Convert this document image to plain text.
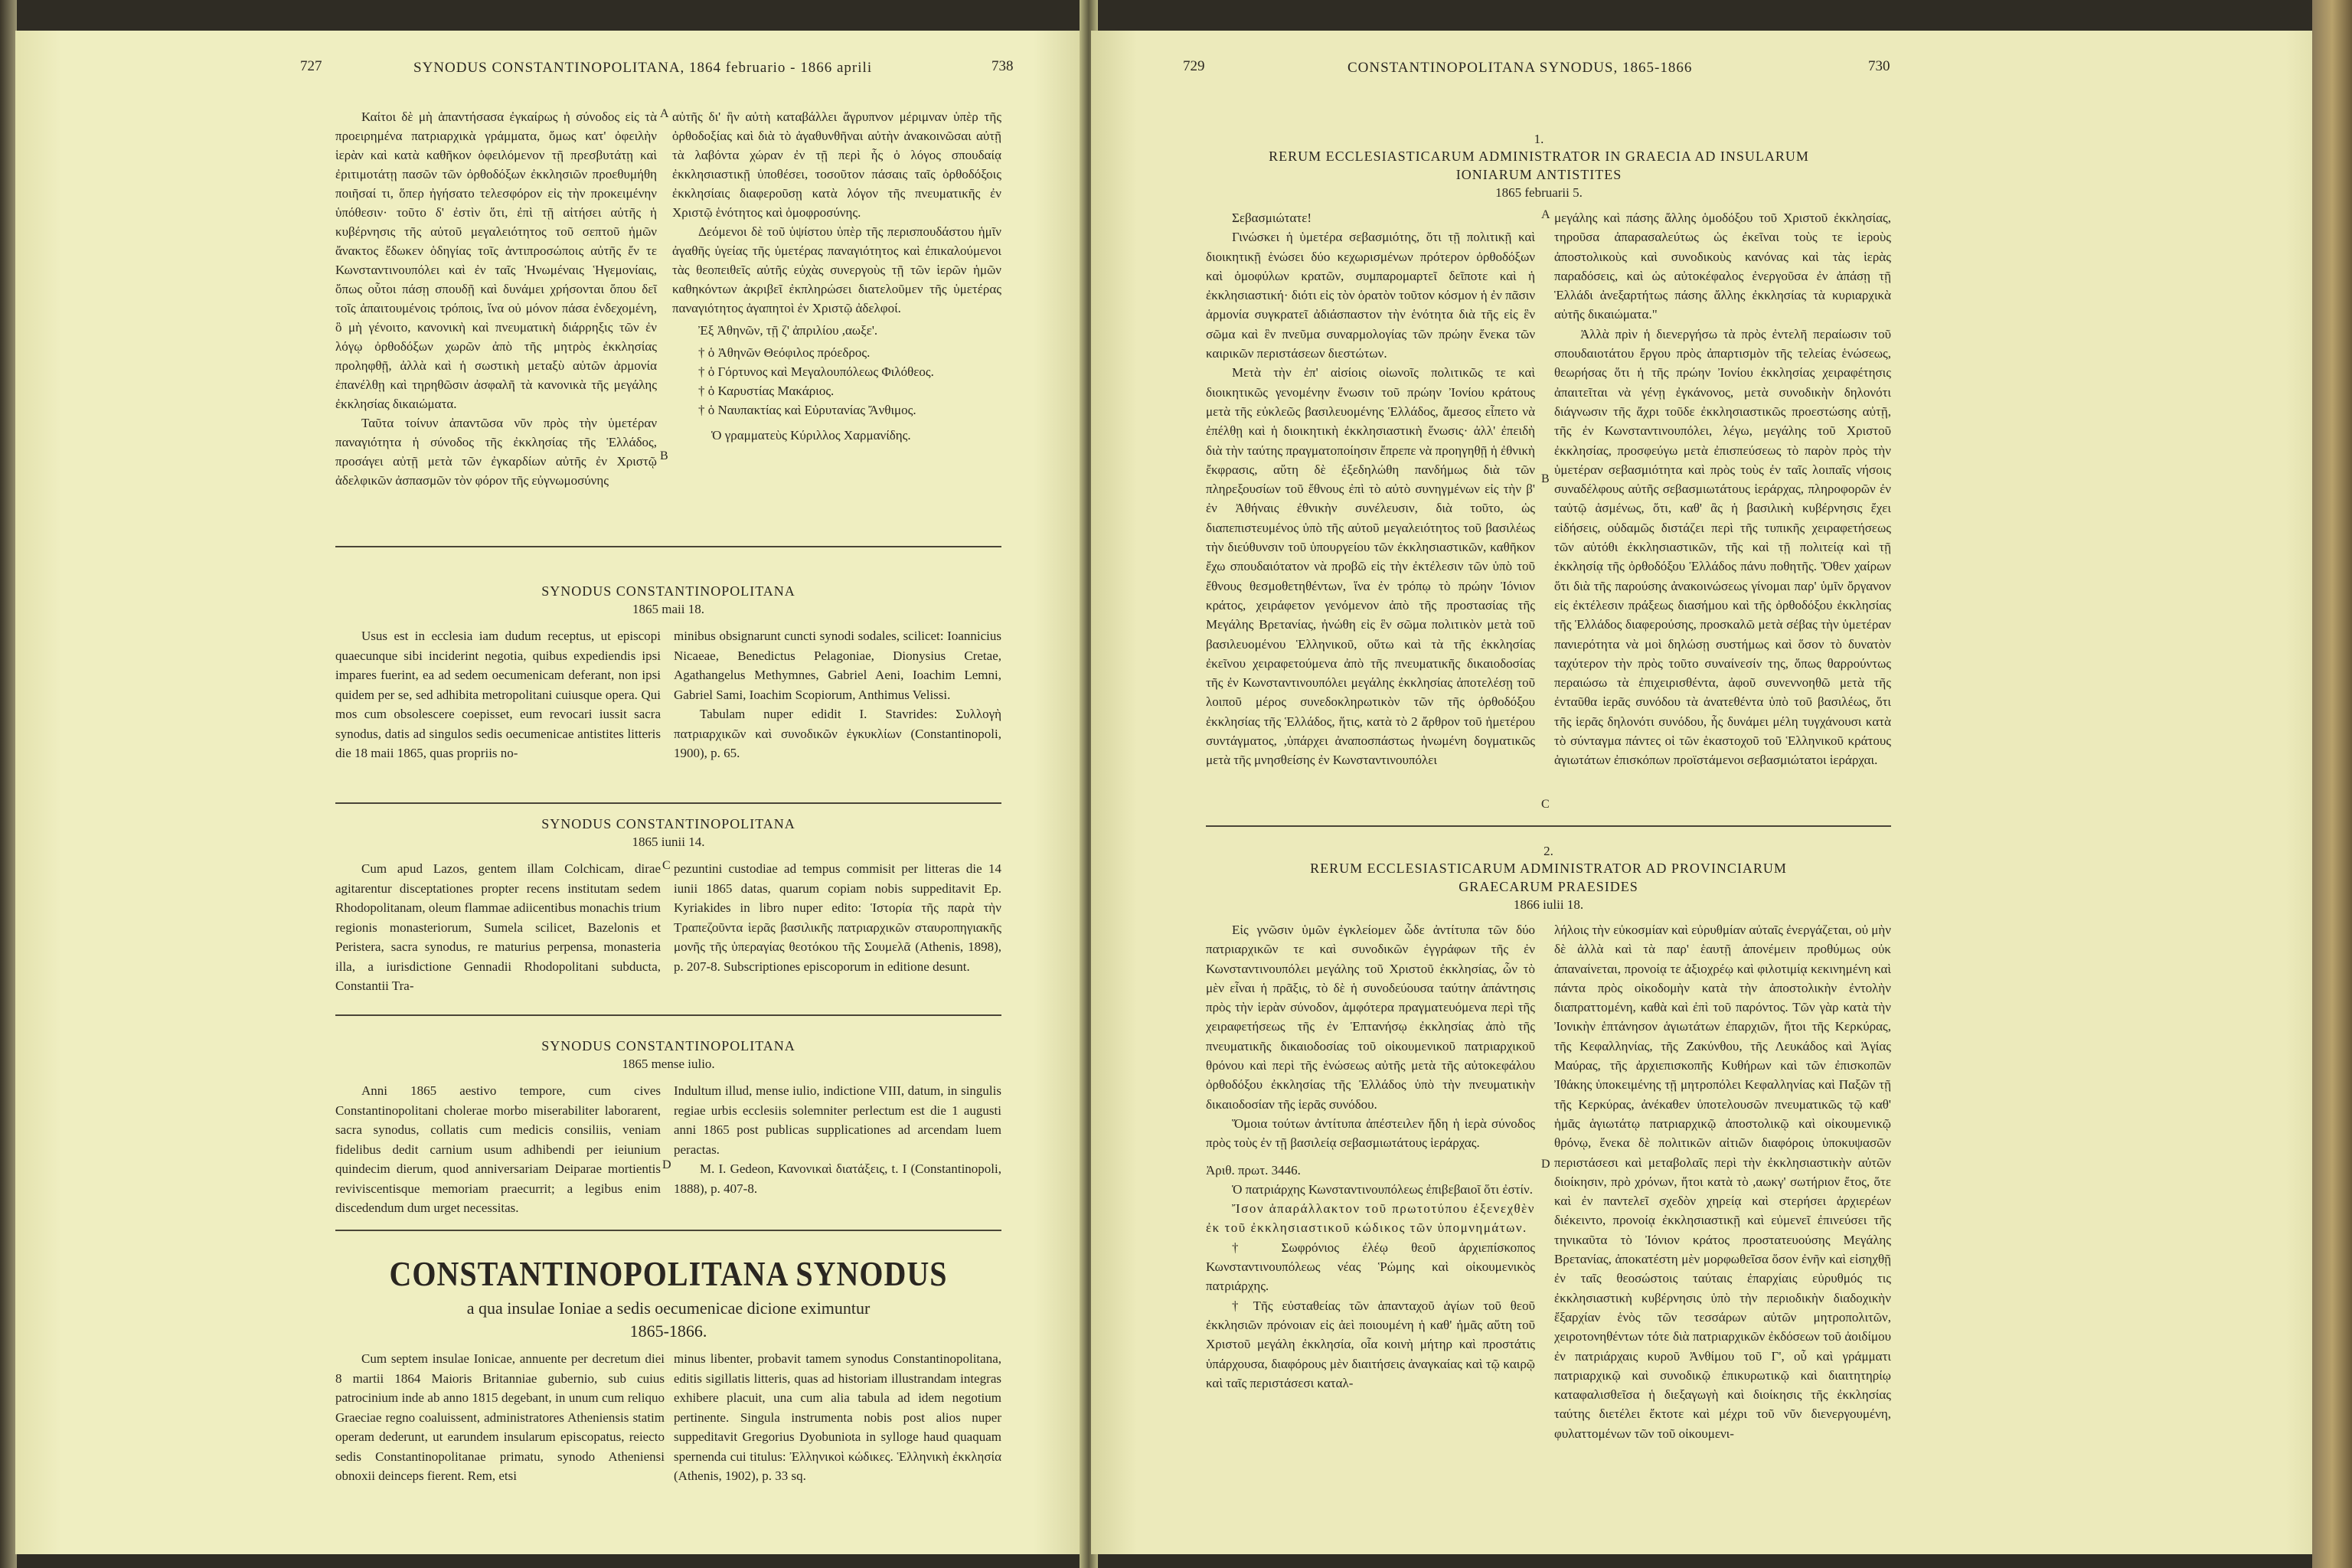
727	SYNODUS CONSTANTINOPOLITANA, 1864 februario - 1866 aprili	738

Καίτοι δὲ μὴ ἀπαντήσασα ἐγκαίρως ἡ σύνοδος εἰς τὰ προειρημένα πατριαρχικὰ γράμματα, ὅμως κατ' ὀφειλὴν ἱερὰν καὶ κατὰ καθῆκον ὀφειλόμενον τῇ πρεσβυτάτῃ καὶ ἐριτιμοτάτῃ πασῶν τῶν ὀρθοδόξων ἐκκλησιῶν προεθυμήθη ποιῆσαί τι, ὅπερ ἠγήσατο τελεσφόρον εἰς τὴν προκειμένην ὑπόθεσιν· τοῦτο δ' ἐστὶν ὅτι, ἐπὶ τῇ αἰτήσει αὐτῆς ἡ κυβέρνησις τῆς αὐτοῦ μεγαλειότητος τοῦ σεπτοῦ ἡμῶν ἄνακτος ἔδωκεν ὁδηγίας τοῖς ἀντιπροσώποις αὐτῆς ἔν τε Κωνσταντινουπόλει καὶ ἐν ταῖς Ἠνωμέναις Ἡγεμονίαις, ὅπως οὗτοι πάσῃ σπουδῇ καὶ δυνάμει χρήσονται ὅπου δεῖ τοῖς ἀπαιτουμένοις τρόποις, ἵνα οὐ μόνον πάσα ἐνδεχομένη, ὃ μὴ γένοιτο, κανονικὴ καὶ πνευματικὴ διάρρηξις τῶν ἐν λόγῳ ὀρθοδόξων χωρῶν ἀπὸ τῆς μητρὸς ἐκκλησίας προληφθῇ, ἀλλὰ καὶ ἡ σωστικὴ μεταξὺ αὐτῶν ἁρμονία ἐπανέλθῃ καὶ τηρηθῶσιν ἀσφαλῆ τὰ κανονικὰ τῆς μεγάλης ἐκκλησίας δικαιώματα.

Ταῦτα τοίνυν ἀπαντῶσα νῦν πρὸς τὴν ὑμετέραν παναγιότητα ἡ σύνοδος τῆς ἐκκλησίας τῆς Ἑλλάδος, προσάγει αὐτῇ μετὰ τῶν ἐγκαρδίων αὐτῆς ἐν Χριστῷ ἀδελφικῶν ἀσπασμῶν τὸν φόρον τῆς εὐγνωμοσύνης

A
B

αὐτῆς δι' ἣν αὐτὴ καταβάλλει ἄγρυπνον μέριμναν ὑπὲρ τῆς ὀρθοδοξίας καὶ διὰ τὸ ἀγαθυνθῆναι αὐτὴν ἀνακοινῶσαι αὐτῇ τὰ λαβόντα χώραν ἐν τῇ περὶ ἧς ὁ λόγος σπουδαίᾳ ἐκκλησιαστικῇ ὑποθέσει, τοσοῦτον πάσαις ταῖς ὀρθοδόξοις ἐκκλησίαις διαφεροῦσῃ κατὰ λόγον τῆς πνευματικῆς ἐν Χριστῷ ἑνότητος καὶ ὁμοφροσύνης.

Δεόμενοι δὲ τοῦ ὑψίστου ὑπὲρ τῆς περισπουδάστου ἡμῖν ἀγαθῆς ὑγείας τῆς ὑμετέρας παναγιότητος καὶ ἐπικαλούμενοι τὰς θεοπειθεῖς αὐτῆς εὐχὰς συνεργοὺς τῇ τῶν ἱερῶν ἡμῶν καθηκόντων ἀκριβεῖ ἐκπληρώσει διατελοῦμεν τῆς ὑμετέρας παναγιότητος ἀγαπητοὶ ἐν Χριστῷ ἀδελφοί.

Ἐξ Ἀθηνῶν, τῇ ζ' ἀπριλίου ,αωξε'.

† ὁ Ἀθηνῶν Θεόφιλος πρόεδρος.

† ὁ Γόρτυνος καὶ Μεγαλουπόλεως Φιλόθεος.

† ὁ Καρυστίας Μακάριος.

† ὁ Ναυπακτίας καὶ Εὐρυτανίας Ἄνθιμος.

Ὁ γραμματεὺς Κύριλλος Χαρμανίδης.

SYNODUS CONSTANTINOPOLITANA
1865 maii 18.

Usus est in ecclesia iam dudum receptus, ut episcopi quaecunque sibi inciderint negotia, quibus expediendis ipsi impares fuerint, ea ad sedem oecumenicam deferant, non ipsi quidem per se, sed adhibita metropolitani cuiusque opera. Qui mos cum obsolescere coepisset, eum revocari iussit sacra synodus, datis ad singulos sedis oecumenicae antistites litteris die 18 maii 1865, quas propriis no-

minibus obsignarunt cuncti synodi sodales, scilicet: Ioannicius Nicaeae, Benedictus Pelagoniae, Dionysius Cretae, Agathangelus Methymnes, Gabriel Aeni, Ioachim Lemni, Gabriel Sami, Ioachim Scopiorum, Anthimus Velissi.

Tabulam nuper edidit I. Stavrides: Συλλογὴ πατριαρχικῶν καὶ συνοδικῶν ἐγκυκλίων (Constantinopoli, 1900), p. 65.

SYNODUS CONSTANTINOPOLITANA
1865 iunii 14.

Cum apud Lazos, gentem illam Colchicam, dirae agitarentur disceptationes propter recens institutam sedem Rhodopolitanam, oleum flammae adiicentibus monachis trium regionis monasteriorum, Sumela scilicet, Bazelonis et Peristera, sacra synodus, re maturius perpensa, monasteria illa, a iurisdictione Gennadii Rhodopolitani subducta, Constantii Tra-

C pezuntini custodiae ad tempus commisit per litteras die 14 iunii 1865 datas, quarum copiam nobis suppeditavit Ep. Kyriakides in libro nuper edito: Ἱστορία τῆς παρὰ τὴν Τραπεζοῦντα ἱερᾶς βασιλικῆς πατριαρχικῶν σταυροπηγιακῆς μονῆς τῆς ὑπεραγίας θεοτόκου τῆς Σουμελᾶ (Athenis, 1898), p. 207-8. Subscriptiones episcoporum in editione desunt.

SYNODUS CONSTANTINOPOLITANA
1865 mense iulio.

Anni 1865 aestivo tempore, cum cives Constantinopolitani cholerae morbo miserabiliter laborarent, sacra synodus, collatis cum medicis consiliis, veniam fidelibus dedit carnium usum adhibendi per ieiunium quindecim dierum, quod anniversariam Deiparae mortientis reviviscentisque memoriam praecurrit; a legibus enim discedendum dum urget necessitas.

D

Indultum illud, mense iulio, indictione VIII, datum, in singulis regiae urbis ecclesiis solemniter perlectum est die 1 augusti anni 1865 post publicas supplicationes ad arcendam luem peractas.

M. I. Gedeon, Κανονικαὶ διατάξεις, t. I (Constantinopoli, 1888), p. 407-8.

CONSTANTINOPOLITANA SYNODUS
a qua insulae Ioniae a sedis oecumenicae dicione eximuntur
1865-1866.

Cum septem insulae Ionicae, annuente per decretum diei 8 martii 1864 Maioris Britanniae gubernio, sub cuius patrocinium inde ab anno 1815 degebant, in unum cum reliquo Graeciae regno coaluissent, administratores Atheniensis statim operam dederunt, ut earundem insularum episcopatus, reiecto sedis Constantinopolitanae primatu, synodo Atheniensi obnoxii deinceps fierent. Rem, etsi

minus libenter, probavit tamem synodus Constantinopolitana, editis sigillatis litteris, quas ad historiam illustrandam integras exhibere placuit, una cum alia tabula ad idem negotium pertinente. Singula instrumenta nobis post alios nuper suppeditavit Gregorius Dyobuniota in sylloge haud quaquam spernenda cui titulus: Ἐλληνικοὶ κώδικες. Ἑλληνικὴ ἐκκλησία (Athenis, 1902), p. 33 sq.

729	CONSTANTINOPOLITANA SYNODUS, 1865-1866	730
1.
RERUM ECCLESIASTICARUM ADMINISTRATOR IN GRAECIA AD INSULARUM
IONIARUM ANTISTITES
1865 februarii 5.

Σεβασμιώτατε!

Γινώσκει ἡ ὑμετέρα σεβασμιότης, ὅτι τῇ πολιτικῇ καὶ διοικητικῇ ἑνώσει δύο κεχωρισμένων πρότερον ὀρθοδόξων καὶ ὁμοφύλων κρατῶν, συμπαρομαρτεῖ δεῖποτε καὶ ἡ ἐκκλησιαστική· διότι εἰς τὸν ὁρατὸν τοῦτον κόσμον ἡ ἐν πᾶσιν ἁρμονία συγκρατεῖ ἀδιάσπαστον τὴν ἑνότητα διὰ τῆς εἰς ἓν σῶμα καὶ ἓν πνεῦμα συναρμολογίας τῶν πρώην ἕνεκα τῶν καιρικῶν περιστάσεων διεστώτων.

Μετὰ τὴν ἐπ' αἰσίοις οἰωνοῖς πολιτικῶς τε καὶ διοικητικῶς γενομένην ἕνωσιν τοῦ πρώην Ἰονίου κράτους μετὰ τῆς εὐκλεῶς βασιλευομένης Ἑλλάδος, ἄμεσος εἶπετο νὰ ἐπέλθῃ καὶ ἡ διοικητικὴ ἐκκλησιαστικὴ ἕνωσις· ἀλλ' ἐπειδὴ διὰ τὴν ταύτης πραγματοποίησιν ἔπρεπε νὰ προηγηθῇ ἡ ἐθνικὴ ἔκφρασις, αὕτη δὲ ἐξεδηλώθη πανδήμως διὰ τῶν πληρεξουσίων τοῦ ἔθνους ἐπὶ τὸ αὐτὸ συνηγμένων εἰς τὴν β' ἐν Ἀθήναις ἐθνικὴν συνέλευσιν, διὰ τοῦτο, ὡς διαπεπιστευμένος ὑπὸ τῆς αὐτοῦ μεγαλειότητος τοῦ βασιλέως τὴν διεύθυνσιν τοῦ ὑπουργείου τῶν ἐκκλησιαστικῶν, καθῆκον ἔχω σπουδαιότατον νὰ προβῶ εἰς τὴν ἐκτέλεσιν τῶν ὑπὸ τοῦ ἔθνους θεσμοθετηθέντων, ἵνα ἐν τρόπῳ τὸ πρώην Ἰόνιον κράτος, χειράφετον γενόμενον ἀπὸ τῆς προστασίας τῆς Μεγάλης Βρετανίας, ἠνώθη εἰς ἓν σῶμα πολιτικὸν μετὰ τοῦ βασιλευομένου Ἑλληνικοῦ, οὕτω καὶ τὰ τῆς ἐκκλησίας ἐκεῖνου χειραφετούμενα ἀπὸ τῆς πνευματικῆς δικαιοδοσίας τῆς ἐν Κωνσταντινουπόλει μεγάλης ἐκκλησίας ἀποτελέσῃ τοῦ λοιποῦ μέρος συνεδοκληρωτικὸν τῶν τῆς ὀρθοδόξου ἐκκλησίας τῆς Ἑλλάδος, ἥτις, κατὰ τὸ 2 ἄρθρον τοῦ ἡμετέρου συντάγματος, ,ὑπάρχει ἀναποσπάστως ἡνωμένη δογματικῶς μετὰ τῆς μνησθείσης ἐν Κωνσταντινουπόλει

A
B
C

μεγάλης καὶ πάσης ἄλλης ὁμοδόξου τοῦ Χριστοῦ ἐκκλησίας, τηροῦσα ἀπαρασαλεύτως ὡς ἐκεῖναι τοὺς τε ἱεροὺς ἀποστολικοὺς καὶ συνοδικοὺς κανόνας καὶ τὰς ἱερὰς παραδόσεις, καὶ ὡς αὐτοκέφαλος ἐνεργοῦσα ἐν ἀπάσῃ τῇ Ἑλλάδι ἀνεξαρτήτως πάσης ἄλλης ἐκκλησίας τὰ κυριαρχικὰ αὐτῆς δικαιώματα."

Ἀλλὰ πρὶν ἡ διενεργήσω τὰ πρὸς ἐντελῆ περαίωσιν τοῦ σπουδαιοτάτου ἔργου πρὸς ἀπαρτισμὸν τῆς τελείας ἑνώσεως, θεωρήσας ὅτι ἡ τῆς πρώην Ἰονίου ἐκκλησίας χειραφέτησις ἀπαιτεῖται νὰ γένῃ ἐγκάνονος, μετὰ συνοδικὴν δηλονότι διάγνωσιν τῆς ἄχρι τοῦδε ἐκκλησιαστικῶς προεστώσης αὐτῇ, τῆς ἐν Κωνσταντινουπόλει, λέγω, μεγάλης τοῦ Χριστοῦ ἐκκλησίας, προσφεύγω μετὰ ἐπισπεύσεως τὸ παρὸν πρὸς τὴν ὑμετέραν σεβασμιότητα καὶ πρὸς τοὺς ἐν ταῖς λοιπαῖς νήσοις συναδέλφους αὐτῆς σεβασμιωτάτους ἱεράρχας, πληροφορῶν ἐν ταὐτῷ ἀσμένως, ὅτι, καθ' ἃς ἡ βασιλικὴ κυβέρνησις ἔχει εἰδήσεις, οὐδαμῶς διστάζει περὶ τῆς τυπικῆς χειραφετήσεως τῶν αὐτόθι ἐκκλησιαστικῶν, τῆς καὶ τῇ πολιτείᾳ καὶ τῇ ἐκκλησίᾳ τῆς ὀρθοδόξου Ἑλλάδος πάνυ ποθητῆς. Ὅθεν χαίρων ὅτι διὰ τῆς παρούσης ἀνακοινώσεως γίνομαι παρ' ὑμῖν ὄργανον εἰς ἐκτέλεσιν πράξεως διασήμου καὶ τῆς ὀρθοδόξου ἐκκλησίας τῆς Ἑλλάδος διαφερούσης, προσκαλῶ μετὰ σέβας τὴν ὑμετέραν πανιερότητα νὰ μοὶ δηλώσῃ συστήμως καὶ ὅσον τὸ δυνατὸν ταχύτερον τὴν πρὸς τοῦτο συναίνεσίν της, ὅπως θαρρούντως περαιώσω τὰ ἐπιχειρισθέντα, ἀφοῦ συνεννοηθῶ μετὰ τῆς ἐνταῦθα ἱερᾶς συνόδου τὰ ἀνατεθέντα ὑπὸ τοῦ βασιλέως, ὅτι τῆς ἱερᾶς δηλονότι συνόδου, ἧς δυνάμει μέλη τυγχάνουσι κατὰ τὸ σύνταγμα πάντες οἱ τῶν ἑκαστοχοῦ τοῦ Ἑλληνικοῦ κράτους ἁγιωτάτων ἐπισκόπων προϊστάμενοι σεβασμιώτατοι ἱεράρχαι.

2.
RERUM ECCLESIASTICARUM ADMINISTRATOR AD PROVINCIARUM
GRAECARUM PRAESIDES
1866 iulii 18.

Εἰς γνῶσιν ὑμῶν ἐγκλείομεν ὧδε ἀντίτυπα τῶν δύο πατριαρχικῶν τε καὶ συνοδικῶν ἐγγράφων τῆς ἐν Κωνσταντινουπόλει μεγάλης τοῦ Χριστοῦ ἐκκλησίας, ὧν τὸ μὲν εἶναι ἡ πρᾶξις, τὸ δὲ ἡ συνοδεύουσα ταύτην ἀπάντησις πρὸς τὴν ἱερὰν σύνοδον, ἀμφότερα πραγματευόμενα περὶ τῆς χειραφετήσεως τῆς ἐν Ἑπτανήσῳ ἐκκλησίας ἀπὸ τῆς πνευματικῆς δικαιοδοσίας τοῦ οἰκουμενικοῦ πατριαρχικοῦ θρόνου καὶ περὶ τῆς ἑνώσεως αὐτῆς μετὰ τῆς αὐτοκεφάλου ὀρθοδόξου ἐκκλησίας τῆς Ἑλλάδος ὑπὸ τὴν πνευματικὴν δικαιοδοσίαν τῆς ἱερᾶς συνόδου.

Ὅμοια τούτων ἀντίτυπα ἀπέστειλεν ἤδη ἡ ἱερὰ σύνοδος πρὸς τοὺς ἐν τῇ βασιλείᾳ σεβασμιωτάτους ἱεράρχας.

Ἀριθ. πρωτ. 3446.

Ὁ πατριάρχης Κωνσταντινουπόλεως ἐπιβεβαιοῖ ὅτι ἐστίν.

Ἴσον ἀπαράλλακτον τοῦ πρωτοτύπου ἐξενεχθὲν ἐκ τοῦ ἐκκλησιαστικοῦ κώδικος τῶν ὑπομνημάτων.

† Σωφρόνιος ἐλέῳ θεοῦ ἀρχιεπίσκοπος Κωνσταντινουπόλεως νέας Ῥώμης καὶ οἰκουμενικὸς πατριάρχης.

† Τῆς εὐσταθείας τῶν ἁπανταχοῦ ἁγίων τοῦ θεοῦ ἐκκλησιῶν πρόνοιαν εἰς ἀεὶ ποιουμένη ἡ καθ' ἡμᾶς αὕτη τοῦ Χριστοῦ μεγάλη ἐκκλησία, οἷα κοινὴ μήτηρ καὶ προστάτις ὑπάρχουσα, διαφόρους μὲν διαιτήσεις ἀναγκαίας καὶ τῷ καιρῷ καὶ ταῖς περιστάσεσι καταλ-

D

λήλοις τὴν εὐκοσμίαν καὶ εὐρυθμίαν αὐταῖς ἐνεργάζεται, οὐ μὴν δὲ ἀλλὰ καὶ τὰ παρ' ἑαυτῇ ἀπονέμειν προθύμως οὐκ ἀπαναίνεται, προνοίᾳ τε ἀξιοχρέῳ καὶ φιλοτιμίᾳ κεκινημένη καὶ πάντα πρὸς οἰκοδομὴν κατὰ τὴν ἀποστολικὴν ἐντολὴν διαπραττομένη, καθὰ καὶ ἐπὶ τοῦ παρόντος. Τῶν γὰρ κατὰ τὴν Ἰονικὴν ἑπτάνησον ἁγιωτάτων ἐπαρχιῶν, ἤτοι τῆς Κερκύρας, τῆς Κεφαλληνίας, τῆς Ζακύνθου, τῆς Λευκάδος καὶ Ἁγίας Μαύρας, τῆς ἀρχιεπισκοπῆς Κυθήρων καὶ τῶν ἐπισκοπῶν Ἰθάκης ὑποκειμένης τῇ μητροπόλει Κεφαλληνίας καὶ Παξῶν τῇ τῆς Κερκύρας, ἀνέκαθεν ὑποτελουσῶν πνευματικῶς τῷ καθ' ἡμᾶς ἁγιωτάτῳ πατριαρχικῷ ἀποστολικῷ καὶ οἰκουμενικῷ θρόνῳ, ἕνεκα δὲ πολιτικῶν αἰτιῶν διαφόροις ὑποκυψασῶν περιστάσεσι καὶ μεταβολαῖς περὶ τὴν ἐκκλησιαστικὴν αὐτῶν διοίκησιν, πρὸ χρόνων, ἤτοι κατὰ τὸ ,αωκγ' σωτήριον ἔτος, ὅτε καὶ ἐν παντελεῖ σχεδὸν χηρείᾳ καὶ στερήσει ἀρχιερέων διέκειντο, προνοίᾳ ἐκκλησιαστικῇ καὶ εὐμενεῖ ἐπινεύσει τῆς τηνικαῦτα τὸ Ἰόνιον κράτος προστατευούσης Μεγάλης Βρετανίας, ἀποκατέστη μὲν μορφωθεῖσα ὅσον ἐνῆν καὶ εἰσηχθῇ ἐν ταῖς θεοσώστοις ταύταις ἐπαρχίαις εὐρυθμός τις ἐκκλησιαστικὴ κυβέρνησις ὑπὸ τὴν περιοδικὴν διαδοχικὴν ἔξαρχίαν ἑνὸς τῶν τεσσάρων αὐτῶν μητροπολιτῶν, χειροτονηθέντων τότε διὰ πατριαρχικῶν ἐκδόσεων τοῦ ἀοιδίμου ἐν πατριάρχαις κυροῦ Ἀνθίμου τοῦ Γ', οὗ καὶ γράμματι πατριαρχικῷ καὶ συνοδικῷ ἐπικυρωτικῷ καὶ διαιτητηρίῳ καταφαλισθεῖσα ἡ διεξαγωγὴ καὶ διοίκησις τῆς ἐκκλησίας ταύτης διετέλει ἔκτοτε καὶ μέχρι τοῦ νῦν διενεργουμένη, φυλαττομένων τῶν τοῦ οἰκουμενι-
